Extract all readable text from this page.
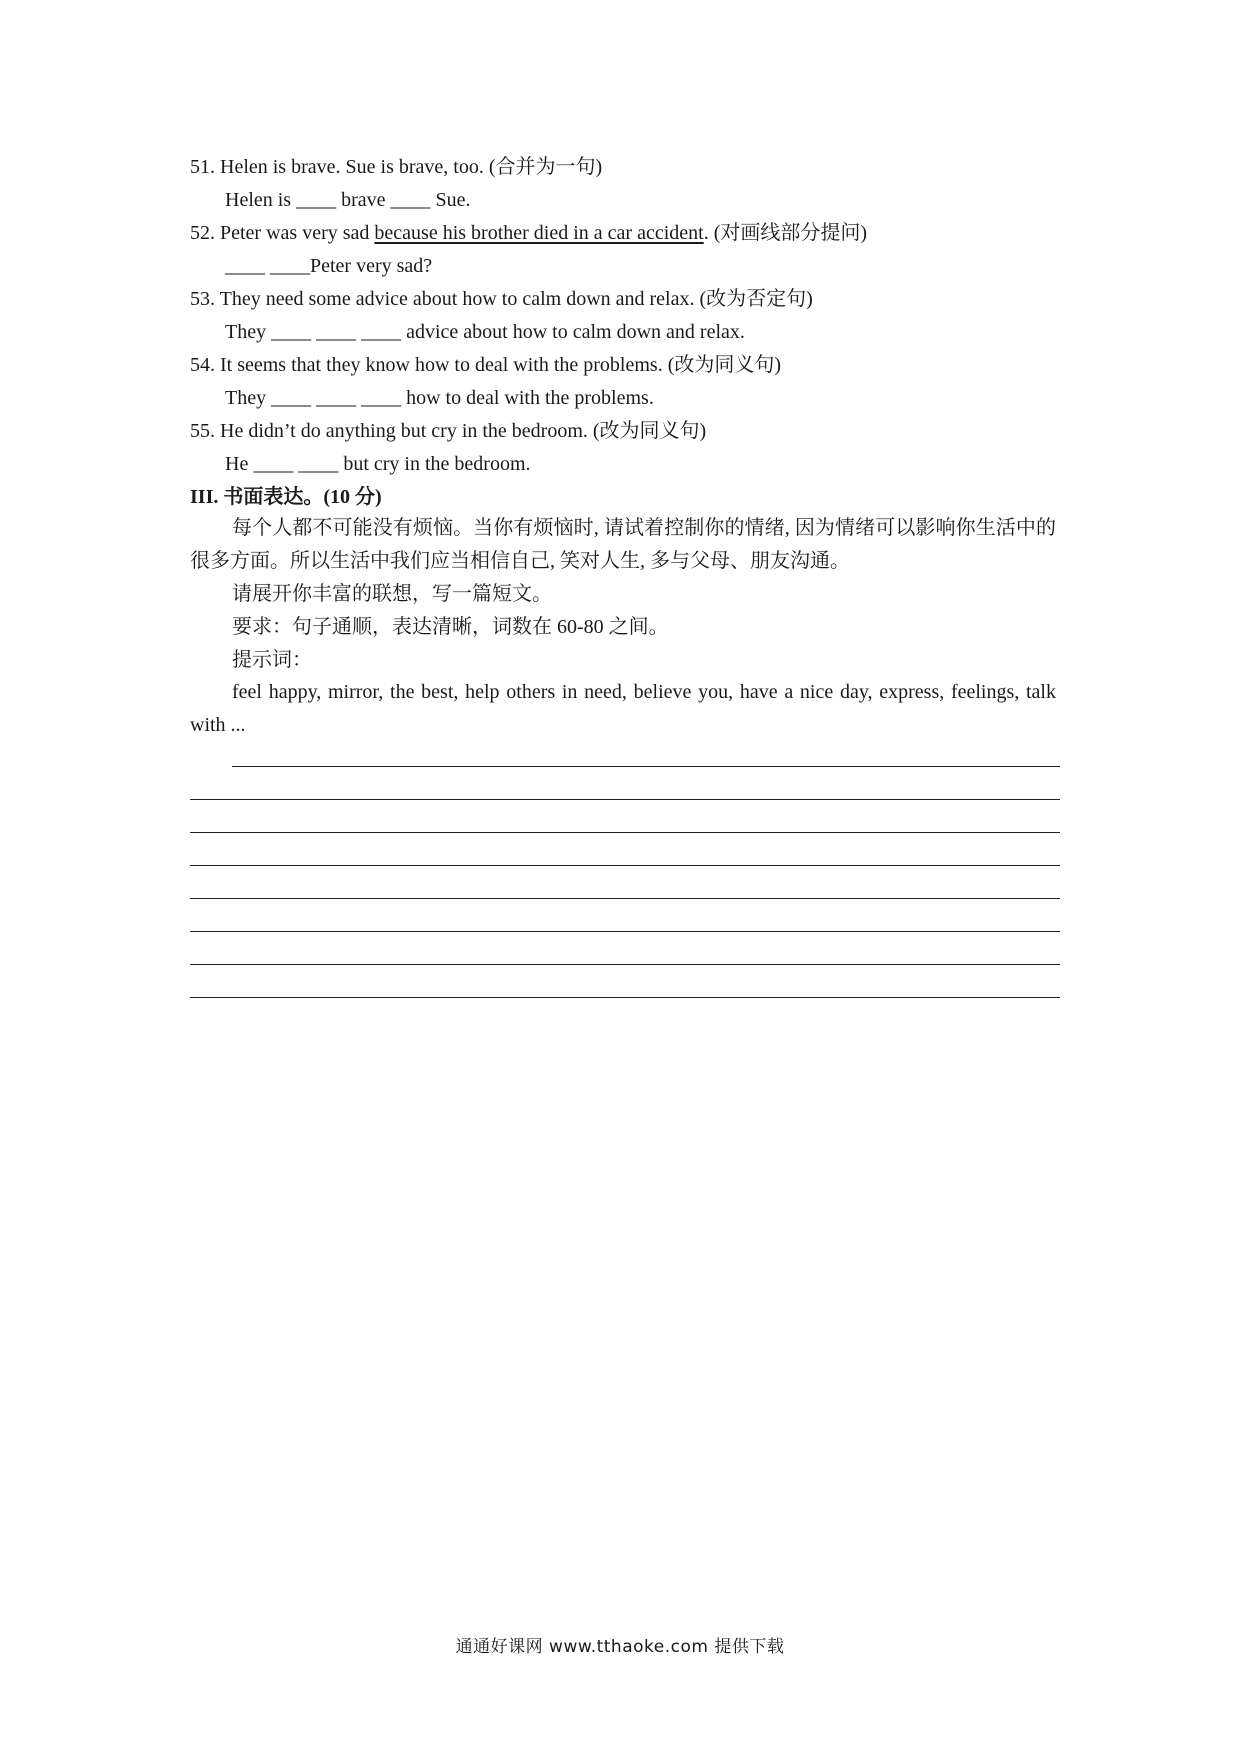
51. Helen is brave. Sue is brave, too. (合并为一句)
Helen is ____ brave ____ Sue.
52. Peter was very sad because his brother died in a car accident. (对画线部分提问)
____ ____Peter very sad?
53. They need some advice about how to calm down and relax. (改为否定句)
They ____ ____ ____ advice about how to calm down and relax.
54. It seems that they know how to deal with the problems. (改为同义句)
They ____ ____ ____ how to deal with the problems.
55. He didn’t do anything but cry in the bedroom. (改为同义句)
He ____ ____ but cry in the bedroom.
III. 书面表达。(10 分)
每个人都不可能没有烦恼。当你有烦恼时, 请试着控制你的情绪, 因为情绪可以影响你生活中的很多方面。所以生活中我们应当相信自己, 笑对人生, 多与父母、朋友沟通。
请展开你丰富的联想，写一篇短文。
要求：句子通顺，表达清晰，词数在 60-80 之间。
提示词：
feel happy, mirror, the best, help others in need, believe you, have a nice day, express, feelings, talk with ...
通通好课网 www.tthaoke.com 提供下载
